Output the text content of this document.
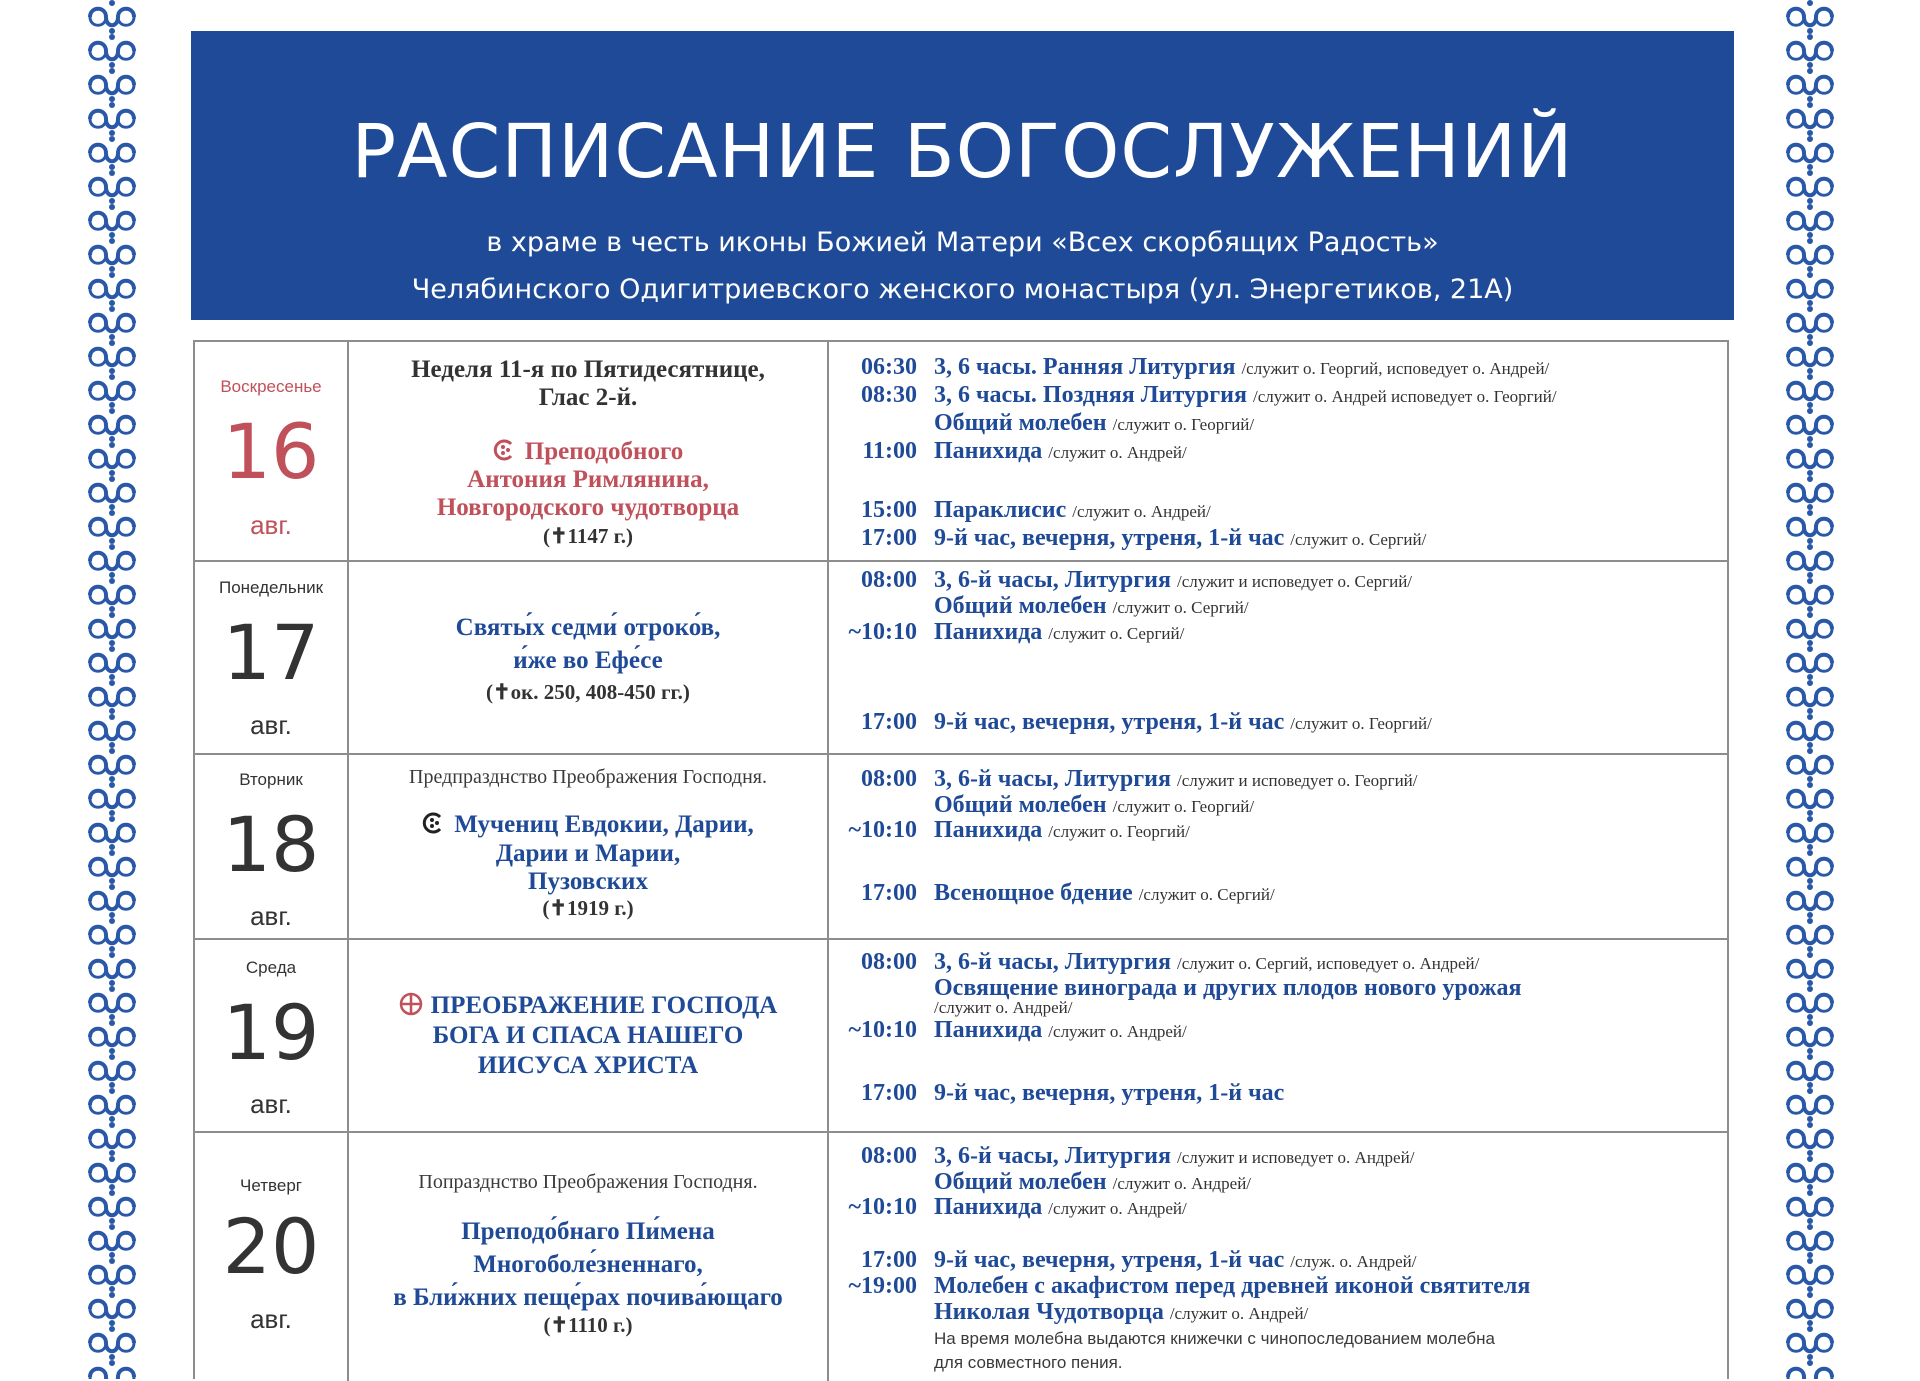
РАСПИСАНИЕ БОГОСЛУЖЕНИЙ
в храме в честь иконы Божией Матери «Всех скорбящих Радость»
Челябинского Одигитриевского женского монастыря (ул. Энергетиков, 21А)
Воскресенье
16
авг.
Неделя 11-я по Пятидесятнице,
Глас 2-й.
Преподобного
Антония Римлянина,
Новгородского чудотворца
(✝1147 г.)
06:30 3, 6 часы. Ранняя Литургия /служит о. Георгий, исповедует о. Андрей/
08:30 3, 6 часы. Поздняя Литургия /служит о. Андрей исповедует о. Георгий/
Общий молебен /служит о. Георгий/
11:00 Панихида /служит о. Андрей/
15:00 Параклисис /служит о. Андрей/
17:00 9-й час, вечерня, утреня, 1-й час /служит о. Сергий/
Понедельник
17
авг.
Святы́х седми́ отроко́в,
и́же во Ефе́се
(✝ок. 250, 408-450 гг.)
08:00 3, 6-й часы, Литургия /служит и исповедует о. Сергий/
Общий молебен /служит о. Сергий/
~10:10 Панихида /служит о. Сергий/
17:00 9-й час, вечерня, утреня, 1-й час /служит о. Георгий/
Вторник
18
авг.
Предпразднство Преображения Господня.
Мучениц Евдокии, Дарии,
Дарии и Марии,
Пузовских
(✝1919 г.)
08:00 3, 6-й часы, Литургия /служит и исповедует о. Георгий/
Общий молебен /служит о. Георгий/
~10:10 Панихида /служит о. Георгий/
17:00 Всенощное бдение /служит о. Сергий/
Среда
19
авг.
ПРЕОБРАЖЕНИЕ ГОСПОДА
БОГА И СПАСА НАШЕГО
ИИСУСА ХРИСТА
08:00 3, 6-й часы, Литургия /служит о. Сергий, исповедует о. Андрей/
Освящение винограда и других плодов нового урожая
/служит о. Андрей/
~10:10 Панихида /служит о. Андрей/
17:00 9-й час, вечерня, утреня, 1-й час
Четверг
20
авг.
Попразднство Преображения Господня.
Преподо́бнаго Пи́мена
Многоболе́зненнаго,
в Бли́жних пеще́рах почива́ющаго
(✝1110 г.)
08:00 3, 6-й часы, Литургия /служит и исповедует о. Андрей/
Общий молебен /служит о. Андрей/
~10:10 Панихида /служит о. Андрей/
17:00 9-й час, вечерня, утреня, 1-й час /служ. о. Андрей/
~19:00 Молебен с акафистом перед древней иконой святителя
Николая Чудотворца /служит о. Андрей/
На время молебна выдаются книжечки с чинопоследованием молебна
для совместного пения.
